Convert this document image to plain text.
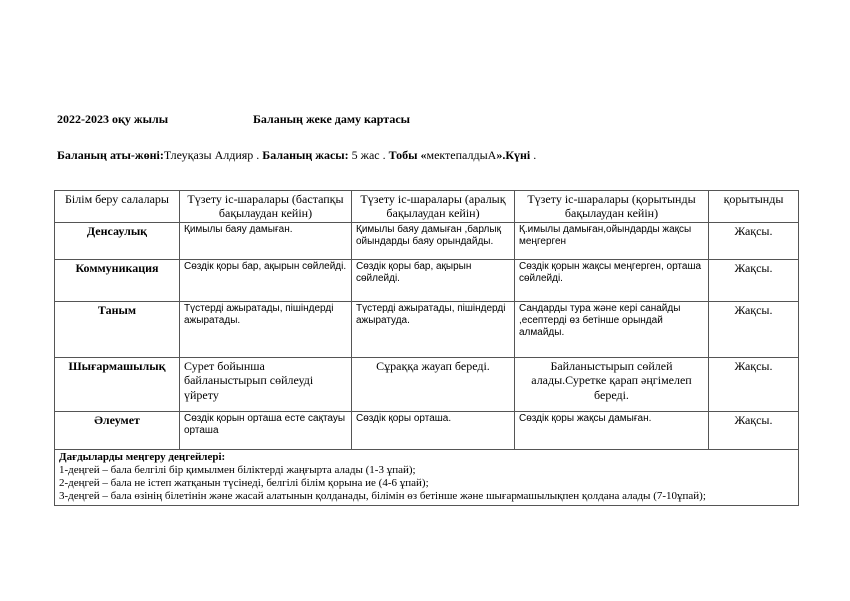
2022-2023 оқу жылы	Баланың жеке даму картасы
Баланың аты-жөні:Тлеуқазы Алдияр . Баланың жасы: 5 жас . Тобы «мектепалдыА».Күні .
Білім беру салалары	Түзету іс-шаралары (бастапқы бақылаудан кейін)	Түзету іс-шаралары (аралық бақылаудан кейін)	Түзету іс-шаралары (қорытынды бақылаудан кейін)	қорытынды
Денсаулық	Қимылы баяу дамыған.	Қимылы баяу дамыған ,барлық ойындарды баяу орындайды.	Қ.имылы дамыған,ойындарды жақсы меңгерген	Жақсы.
Коммуникация	Сөздік қоры бар, ақырын сөйлейді.	Сөздік қоры бар, ақырын сөйлейді.	Сөздік қорын жақсы меңгерген, орташа сөйлейді.	Жақсы.
Таным	Түстерді ажыратады, пішіндерді ажыратады.	Түстерді ажыратады, пішіндерді ажыратуда.	Сандарды тура және кері санайды ,есептерді өз бетінше орындай алмайды.	Жақсы.
Шығармашылық	Сурет бойынша байланыстырып сөйлеуді үйрету	Сұраққа жауап береді.	Байланыстырып сөйлей алады.Суретке қарап әңгімелеп береді.	Жақсы.
Әлеумет	Сөздік қорын орташа есте сақтауы орташа	Сөздік қоры орташа.	Сөздік қоры жақсы дамыған.	Жақсы.

Дағдыларды меңгеру деңгейлері:
1-деңгей – бала белгілі бір қимылмен біліктерді жаңғырта алады (1-3 ұпай);
2-деңгей – бала не істеп жатқанын түсінеді, белгілі білім қорына ие (4-6 ұпай);
3-деңгей – бала өзінің білетінін және жасай алатынын қолданады, білімін өз бетінше және шығармашылықпен қолдана алады (7-10ұпай);				
